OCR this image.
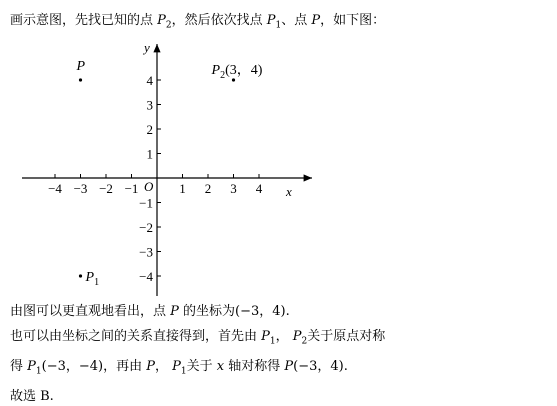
画示意图，先找已知的点 $P_2$，然后依次找点 $P_1$、点 P，如下图：
y
x
O
−4 −3 −2 −1	1 2 3 4
4
3
2
1
−1
−2
−3
−4
P	$P_2(3$，4)
$P_1$
由图可以更直观地看出，点 P 的坐标为(−3，4).
也可以由坐标之间的关系直接得到，首先由 $P_1$， $P_2$关于原点对称
得 $P_1(-3$，−4)，再由 P， $P_1$关于 x 轴对称得 P(−3，4).
故选 B.
